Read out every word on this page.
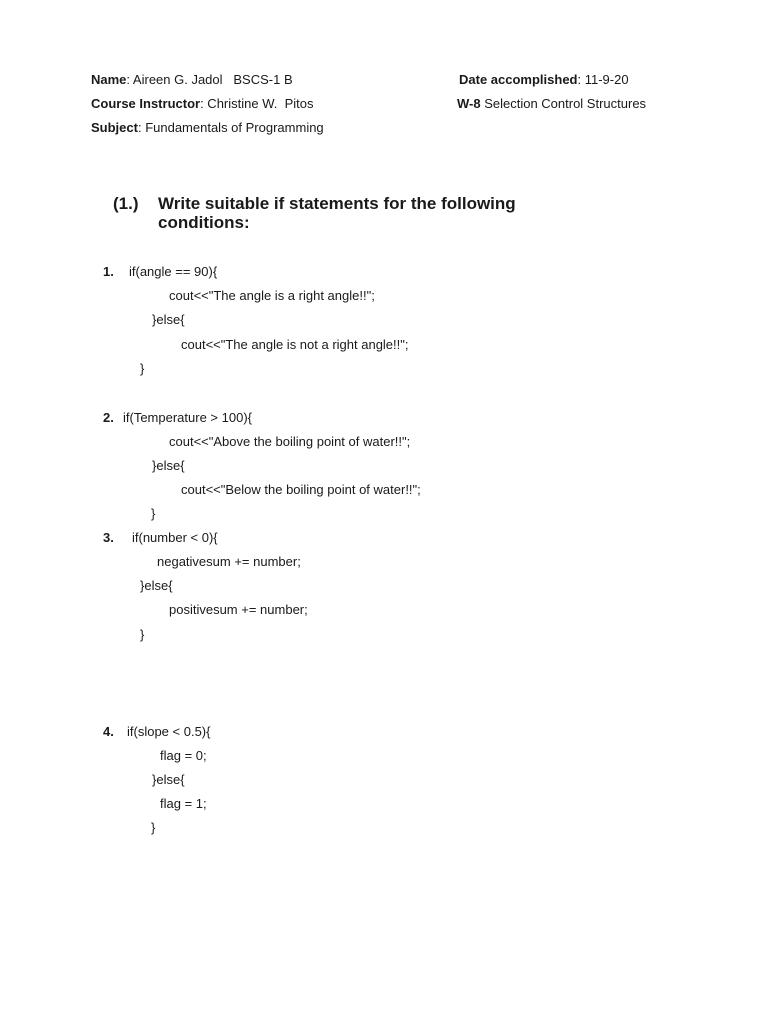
Name: Aireen G. Jadol   BSCS-1 B	Date accomplished: 11-9-20
Course Instructor: Christine W.  Pitos	W-8 Selection Control Structures
Subject: Fundamentals of Programming
(1.) Write suitable if statements for the following
conditions:
1. if(angle == 90){
cout<<"The angle is a right angle!!";
}else{
cout<<"The angle is not a right angle!!";
}
2. if(Temperature > 100){
cout<<"Above the boiling point of water!!";
}else{
cout<<"Below the boiling point of water!!";
}
3. if(number < 0){
negativesum += number;
}else{
positivesum += number;
}
4. if(slope < 0.5){
flag = 0;
}else{
flag = 1;
}
